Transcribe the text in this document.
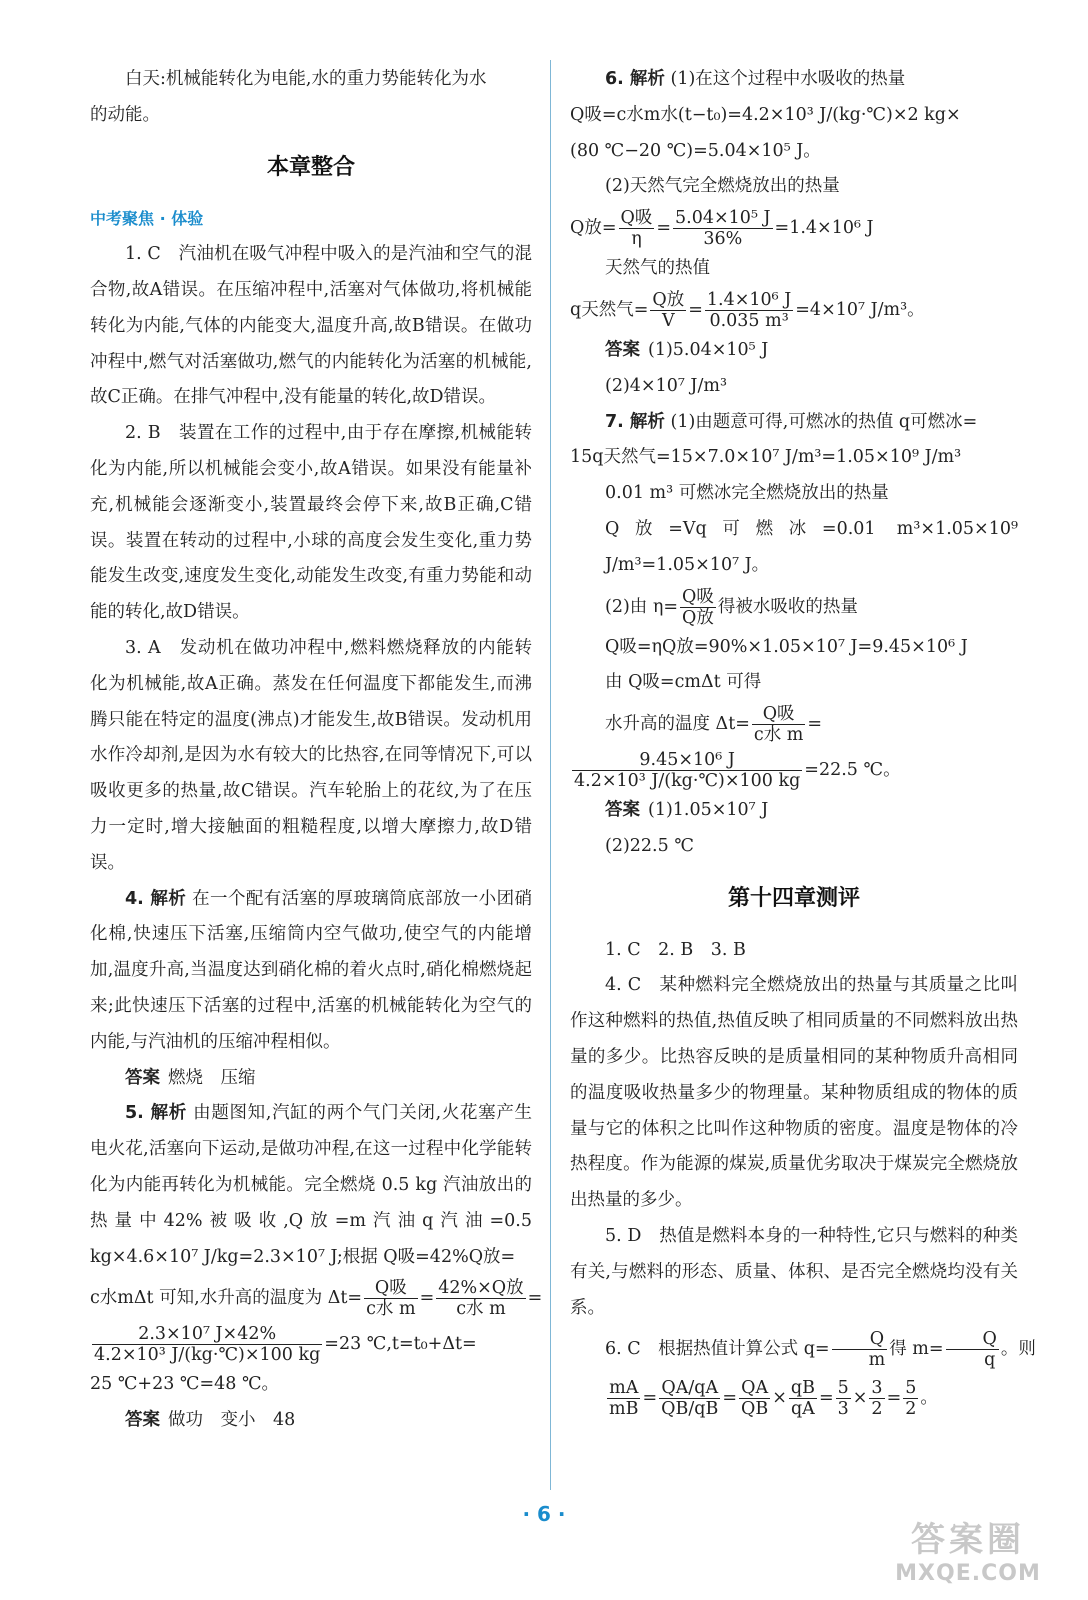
白天:机械能转化为电能,水的重力势能转化为水

的动能。

本章整合
中考聚焦 · 体验

1. C　汽油机在吸气冲程中吸入的是汽油和空气的混合物,故A错误。在压缩冲程中,活塞对气体做功,将机械能转化为内能,气体的内能变大,温度升高,故B错误。在做功冲程中,燃气对活塞做功,燃气的内能转化为活塞的机械能,故C正确。在排气冲程中,没有能量的转化,故D错误。

2. B　装置在工作的过程中,由于存在摩擦,机械能转化为内能,所以机械能会变小,故A错误。如果没有能量补充,机械能会逐渐变小,装置最终会停下来,故B正确,C错误。装置在转动的过程中,小球的高度会发生变化,重力势能发生改变,速度发生变化,动能发生改变,有重力势能和动能的转化,故D错误。

3. A　发动机在做功冲程中,燃料燃烧释放的内能转化为机械能,故A正确。蒸发在任何温度下都能发生,而沸腾只能在特定的温度(沸点)才能发生,故B错误。发动机用水作冷却剂,是因为水有较大的比热容,在同等情况下,可以吸收更多的热量,故C错误。汽车轮胎上的花纹,为了在压力一定时,增大接触面的粗糙程度,以增大摩擦力,故D错误。

4. 解析 在一个配有活塞的厚玻璃筒底部放一小团硝化棉,快速压下活塞,压缩筒内空气做功,使空气的内能增加,温度升高,当温度达到硝化棉的着火点时,硝化棉燃烧起来;此快速压下活塞的过程中,活塞的机械能转化为空气的内能,与汽油机的压缩冲程相似。

答案 燃烧　压缩

5. 解析 由题图知,汽缸的两个气门关闭,火花塞产生电火花,活塞向下运动,是做功冲程,在这一过程中化学能转化为内能再转化为机械能。完全燃烧 0.5 kg 汽油放出的热量中42%被吸收,Q放=m汽油q汽油=0.5 kg×4.6×10⁷ J/kg=2.3×10⁷ J;根据 Q吸=42%Q放=

c水mΔt 可知,水升高的温度为 Δt= Q吸
c水 m
= 42%×Q放
c水 m
=

$\frac{\text{2.3×10⁷ J×42\%}}{\text{4.2×10³ J/(kg·℃)×100 kg}} =23$ ℃,t=t₀+Δt=

25 ℃+23 ℃=48 ℃。

答案 做功　变小　48

6. 解析 (1)在这个过程中水吸收的热量

Q吸=c水m水(t−t₀)=4.2×10³ J/(kg·℃)×2 kg×

(80 ℃−20 ℃)=5.04×10⁵ J。

(2)天然气完全燃烧放出的热量

Q放= Q吸
η
= $\frac{\text{5.04×10⁵ J}}{36\%} =1.4\times 10^6$ J

天然气的热值

q天然气= Q放
V
= $\frac{\text{1.4×10⁶ J}}{\text{0.035 m³}} =4\times 10^7$ J/m³。

答案 (1)5.04×10⁵ J

(2)4×10⁷ J/m³

7. 解析 (1)由题意可得,可燃冰的热值 q可燃冰=

15q天然气=15×7.0×10⁷ J/m³=1.05×10⁹ J/m³

0.01 m³ 可燃冰完全燃烧放出的热量

Q放=Vq可燃冰=0.01 m³×1.05×10⁹ J/m³=1.05×10⁷ J。

(2)由 η= Q吸
Q放
得被水吸收的热量

Q吸=ηQ放=90%×1.05×10⁷ J=9.45×10⁶ J

由 Q吸=cmΔt 可得

水升高的温度 Δt= Q吸
c水 m
=

$\frac{\text{9.45×10⁶ J}}{\text{4.2×10³ J/(kg·℃)×100 kg}} =22.5$ ℃。

答案 (1)1.05×10⁷ J

(2)22.5 ℃

第十四章测评

1. C　2. B　3. B

4. C　某种燃料完全燃烧放出的热量与其质量之比叫作这种燃料的热值,热值反映了相同质量的不同燃料放出热量的多少。比热容反映的是质量相同的某种物质升高相同的温度吸收热量多少的物理量。某种物质组成的物体的质量与它的体积之比叫作这种物质的密度。温度是物体的冷热程度。作为能源的煤炭,质量优劣取决于煤炭完全燃烧放出热量的多少。

5. D　热值是燃料本身的一种特性,它只与燃料的种类有关,与燃料的形态、质量、体积、是否完全燃烧均没有关系。

6. C　根据热值计算公式 $q= \frac{Q}{m}$ 得 $m= \frac{Q}{q}$ 。则

$\frac{mA}{mB} = \frac{QA/qA}{QB/qB} = \frac{QA}{QB} \times \frac{qB}{qA} = \frac{5}{3} \times \frac{3}{2} = \frac{5}{2}$ 。

· 6 ·
答案圈
MXQE.COM
